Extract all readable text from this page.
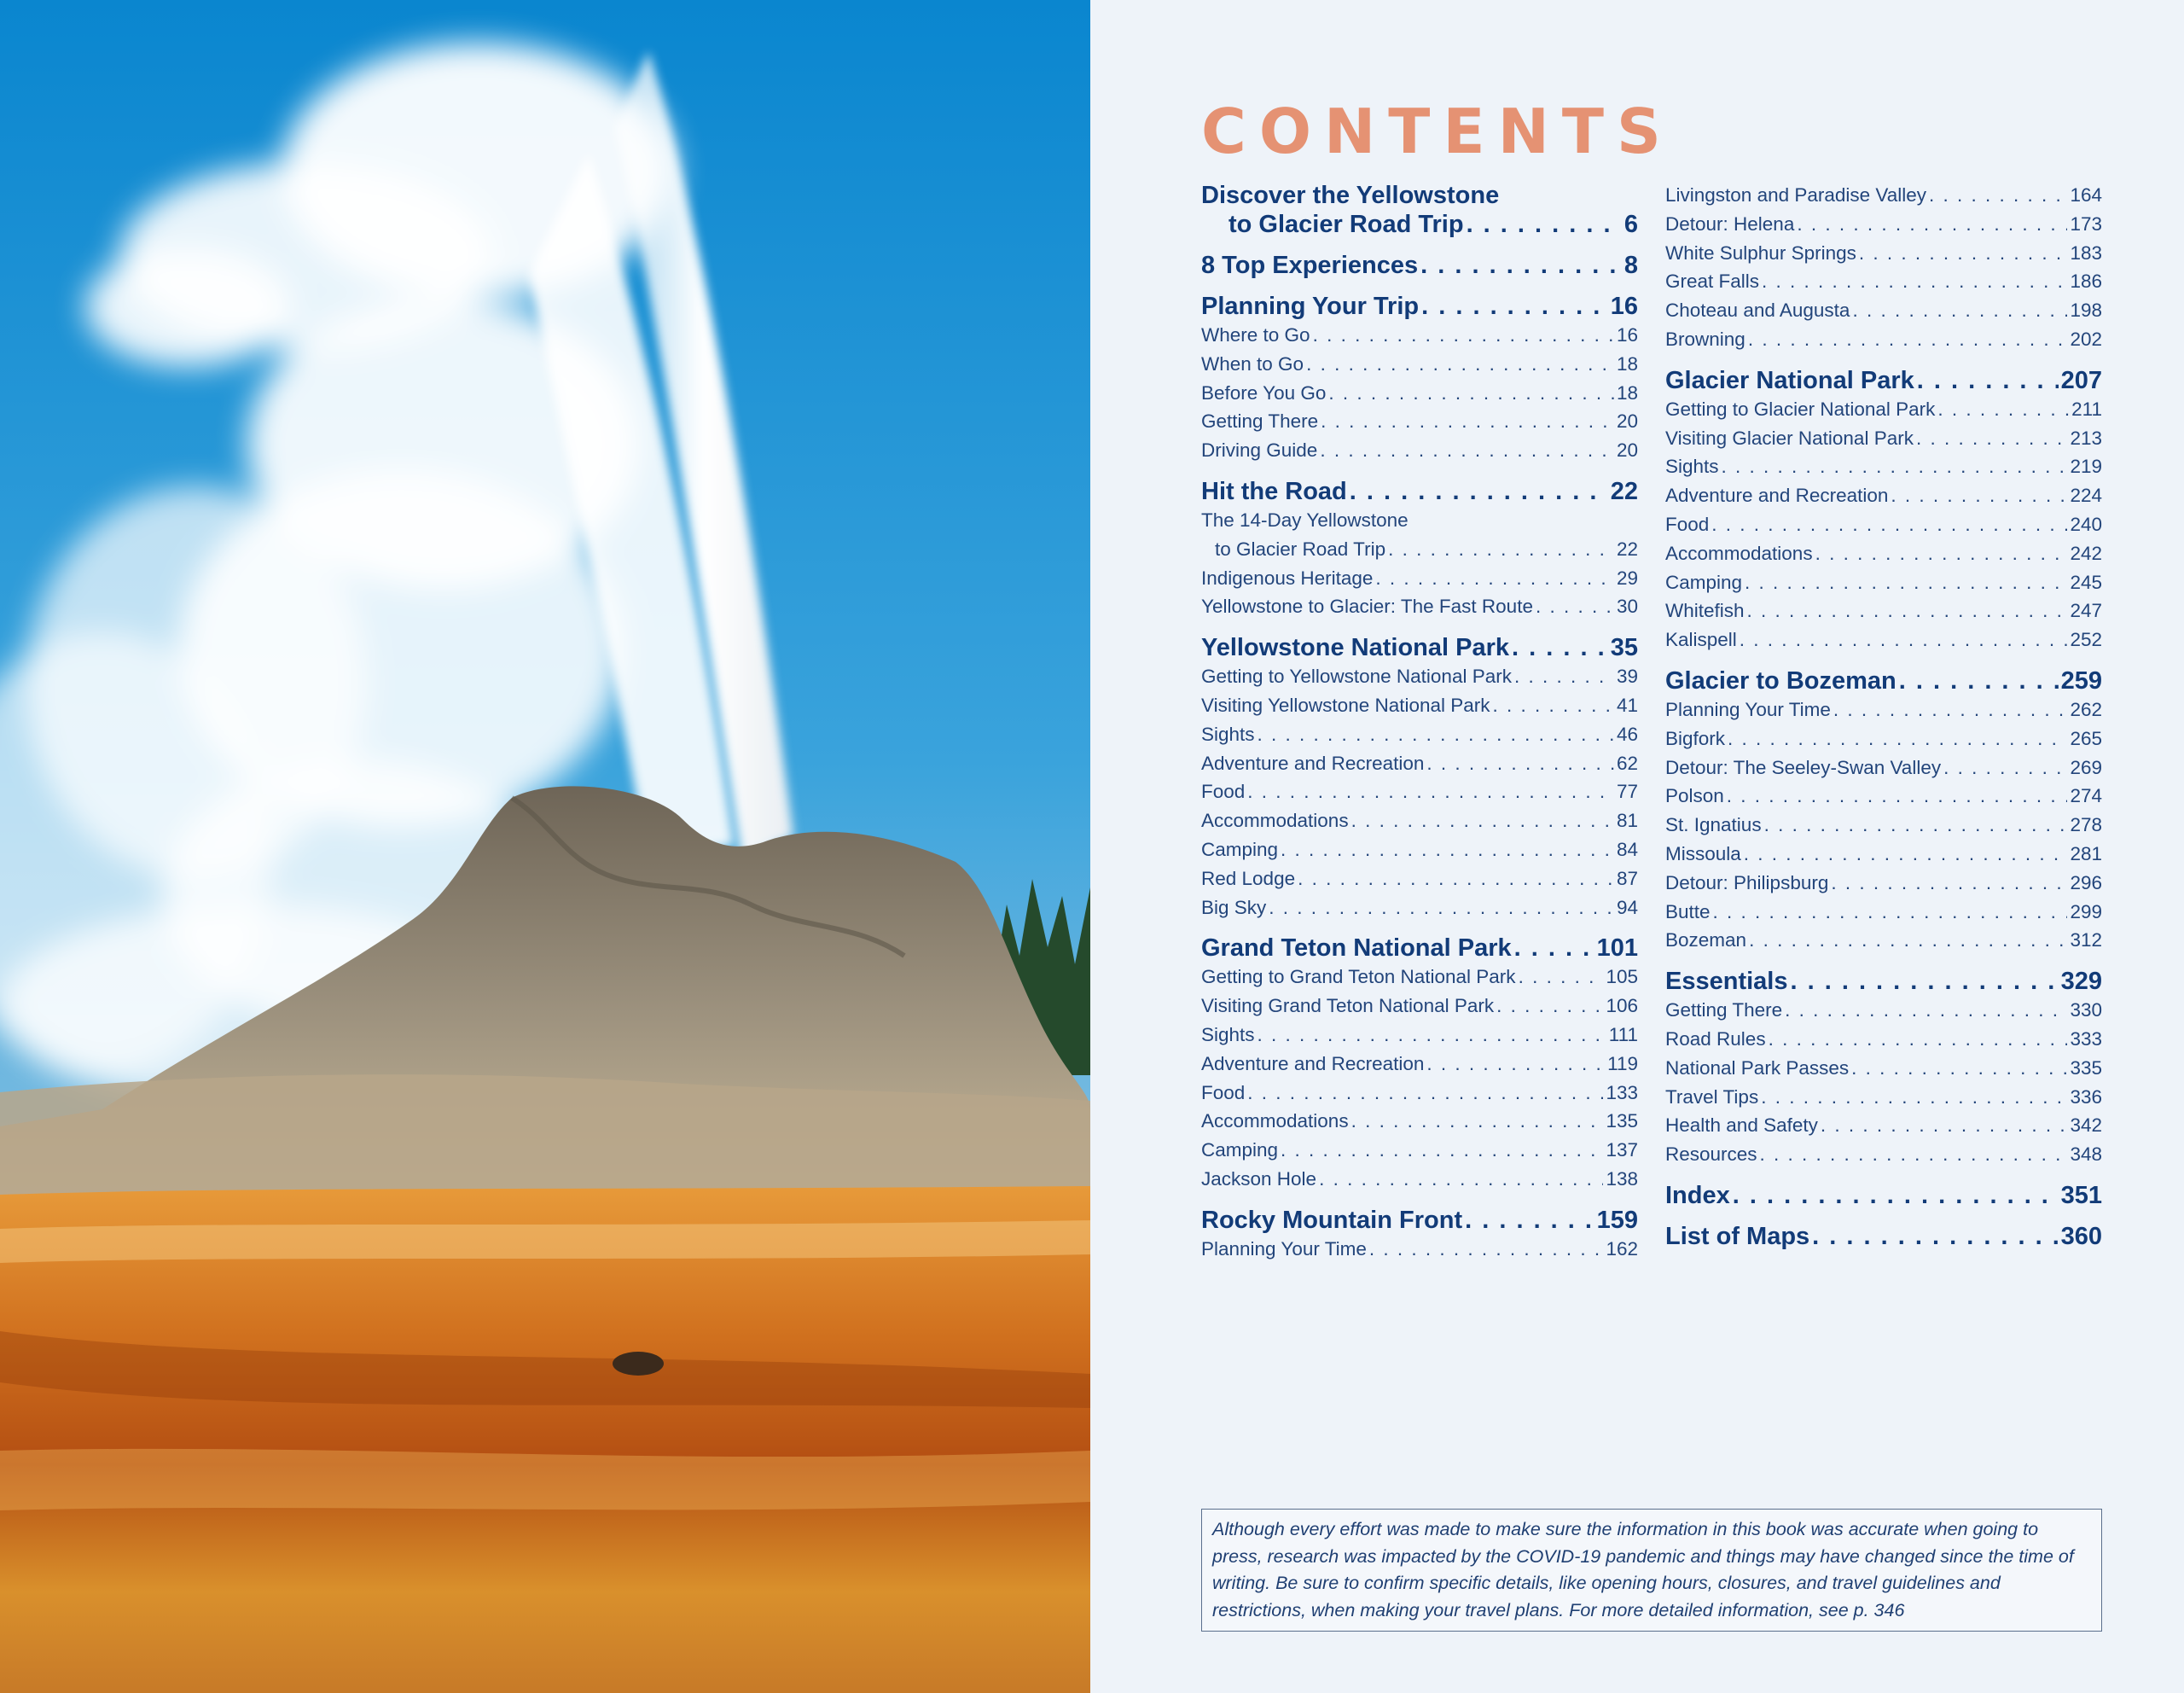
CONTENTS
Discover the Yellowstone
to Glacier Road Trip . . .	6
8 Top Experiences . . .	8
Planning Your Trip . . .	16
Where to Go . . .	16
When to Go . . .	18
Before You Go . . .	18
Getting There . . .	20
Driving Guide . . .	20
Hit the Road . . .	22
The 14-Day Yellowstone
to Glacier Road Trip . . .	22
Indigenous Heritage . . .	29
Yellowstone to Glacier: The Fast Route . . .	30
Yellowstone National Park . . .	35
Getting to Yellowstone National Park . . .	39
Visiting Yellowstone National Park . . .	41
Sights . . .	46
Adventure and Recreation . . .	62
Food . . .	77
Accommodations . . .	81
Camping . . .	84
Red Lodge . . .	87
Big Sky . . .	94
Grand Teton National Park . . .	101
Getting to Grand Teton National Park . . .	105
Visiting Grand Teton National Park . . .	106
Sights . . .	111
Adventure and Recreation . . .	119
Food . . .	133
Accommodations . . .	135
Camping . . .	137
Jackson Hole . . .	138
Rocky Mountain Front . . .	159
Planning Your Time . . .	162
Livingston and Paradise Valley . . .	164
Detour: Helena . . .	173
White Sulphur Springs . . .	183
Great Falls . . .	186
Choteau and Augusta . . .	198
Browning . . .	202
Glacier National Park . . .	207
Getting to Glacier National Park . . .	211
Visiting Glacier National Park . . .	213
Sights . . .	219
Adventure and Recreation . . .	224
Food . . .	240
Accommodations . . .	242
Camping . . .	245
Whitefish . . .	247
Kalispell . . .	252
Glacier to Bozeman . . .	259
Planning Your Time . . .	262
Bigfork . . .	265
Detour: The Seeley-Swan Valley . . .	269
Polson . . .	274
St. Ignatius . . .	278
Missoula . . .	281
Detour: Philipsburg . . .	296
Butte . . .	299
Bozeman . . .	312
Essentials . . .	329
Getting There . . .	330
Road Rules . . .	333
National Park Passes . . .	335
Travel Tips . . .	336
Health and Safety . . .	342
Resources . . .	348
Index . . .	351
List of Maps . . .	360
Although every effort was made to make sure the information in this book was accurate when going to press, research was impacted by the COVID-19 pandemic and things may have changed since the time of writing. Be sure to confirm specific details, like opening hours, closures, and travel guidelines and restrictions, when making your travel plans. For more detailed information, see p. 346
